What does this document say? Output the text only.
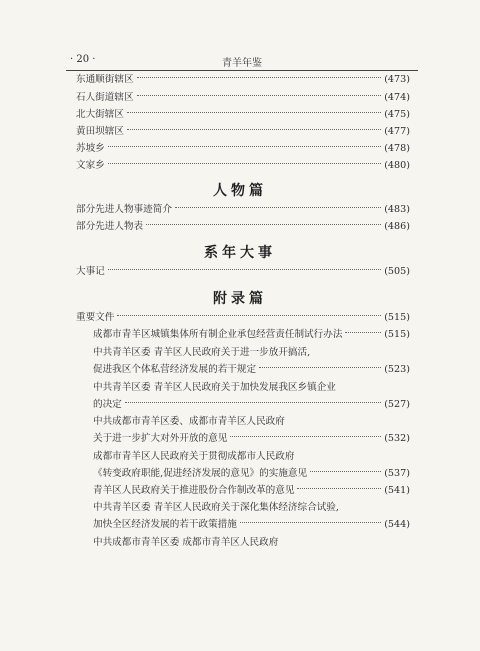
· 20 ·	青羊年鉴
东通顺街辖区	(473)
石人街道辖区	(474)
北大街辖区	(475)
黄田坝辖区	(477)
苏坡乡	(478)
文家乡	(480)
人物篇
部分先进人物事迹简介	(483)
部分先进人物表	(486)
系年大事
大事记	(505)
附录篇
重要文件	(515)
成都市青羊区城镇集体所有制企业承包经营责任制试行办法	(515)
中共青羊区委 青羊区人民政府关于进一步放开搞活,
促进我区个体私营经济发展的若干规定	(523)
中共青羊区委 青羊区人民政府关于加快发展我区乡镇企业
的决定	(527)
中共成都市青羊区委、成都市青羊区人民政府
关于进一步扩大对外开放的意见	(532)
成都市青羊区人民政府关于贯彻成都市人民政府
《转变政府职能,促进经济发展的意见》的实施意见	(537)
青羊区人民政府关于推进股份合作制改革的意见	(541)
中共青羊区委 青羊区人民政府关于深化集体经济综合试验,
加快全区经济发展的若干政策措施	(544)
中共成都市青羊区委 成都市青羊区人民政府
